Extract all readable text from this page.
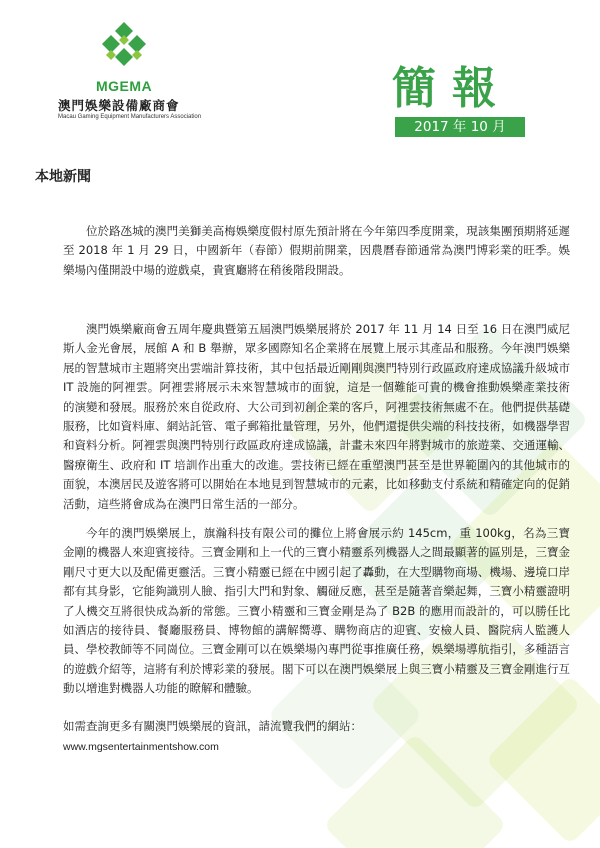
MGEMA
澳門娛樂設備廠商會
Macau Gaming Equipment Manufacturers Association
簡報
2017 年 10 月
本地新聞

位於路氹城的澳門美獅美高梅娛樂度假村原先預計將在今年第四季度開業，現該集團預期將延遲至 2018 年 1 月 29 日，中國新年（春節）假期前開業，因農曆春節通常為澳門博彩業的旺季。娛樂場內僅開設中場的遊戲桌，貴賓廳將在稍後階段開設。

澳門娛樂廠商會五周年慶典暨第五屆澳門娛樂展將於 2017 年 11 月 14 日至 16 日在澳門威尼斯人金光會展，展館 A 和 B 舉辦，眾多國際知名企業將在展覽上展示其產品和服務。今年澳門娛樂展的智慧城市主題將突出雲端計算技術，其中包括最近剛剛與澳門特別行政區政府達成協議升級城市 IT 設施的阿裡雲。阿裡雲將展示未來智慧城市的面貌，這是一個難能可貴的機會推動娛樂產業技術的演變和發展。服務於來自從政府、大公司到初創企業的客戶，阿裡雲技術無處不在。他們提供基礎服務，比如資料庫、網站託管、電子郵箱批量管理，另外，他們還提供尖端的科技技術，如機器學習和資料分析。阿裡雲與澳門特別行政區政府達成協議，計畫未來四年將對城市的旅遊業、交通運輸、醫療衛生、政府和 IT 培訓作出重大的改進。雲技術已經在重塑澳門甚至是世界範圍內的其他城市的面貌，本澳居民及遊客將可以開始在本地見到智慧城市的元素，比如移動支付系統和精確定向的促銷活動，這些將會成為在澳門日常生活的一部分。

今年的澳門娛樂展上，旗瀚科技有限公司的攤位上將會展示約 145cm，重 100kg，名為三寶金剛的機器人來迎賓接待。三寶金剛和上一代的三寶小精靈系列機器人之間最顯著的區別是，三寶金剛尺寸更大以及配備更靈活。三寶小精靈已經在中國引起了轟動，在大型購物商場、機場、邊境口岸都有其身影，它能夠識別人臉、指引大門和對象、觸碰反應，甚至是隨著音樂起舞，三寶小精靈證明了人機交互將很快成為新的常態。三寶小精靈和三寶金剛是為了 B2B 的應用而設計的，可以勝任比如酒店的接待員、餐廳服務員、博物館的講解嚮導、購物商店的迎賓、安檢人員、醫院病人監護人員、學校教師等不同崗位。三寶金剛可以在娛樂場內專門從事推廣任務，娛樂場導航指引，多種語言的遊戲介紹等，這將有利於博彩業的發展。閣下可以在澳門娛樂展上與三寶小精靈及三寶金剛進行互動以增進對機器人功能的瞭解和體驗。

如需查詢更多有關澳門娛樂展的資訊，請流覽我們的網站：
www.mgsentertainmentshow.com
